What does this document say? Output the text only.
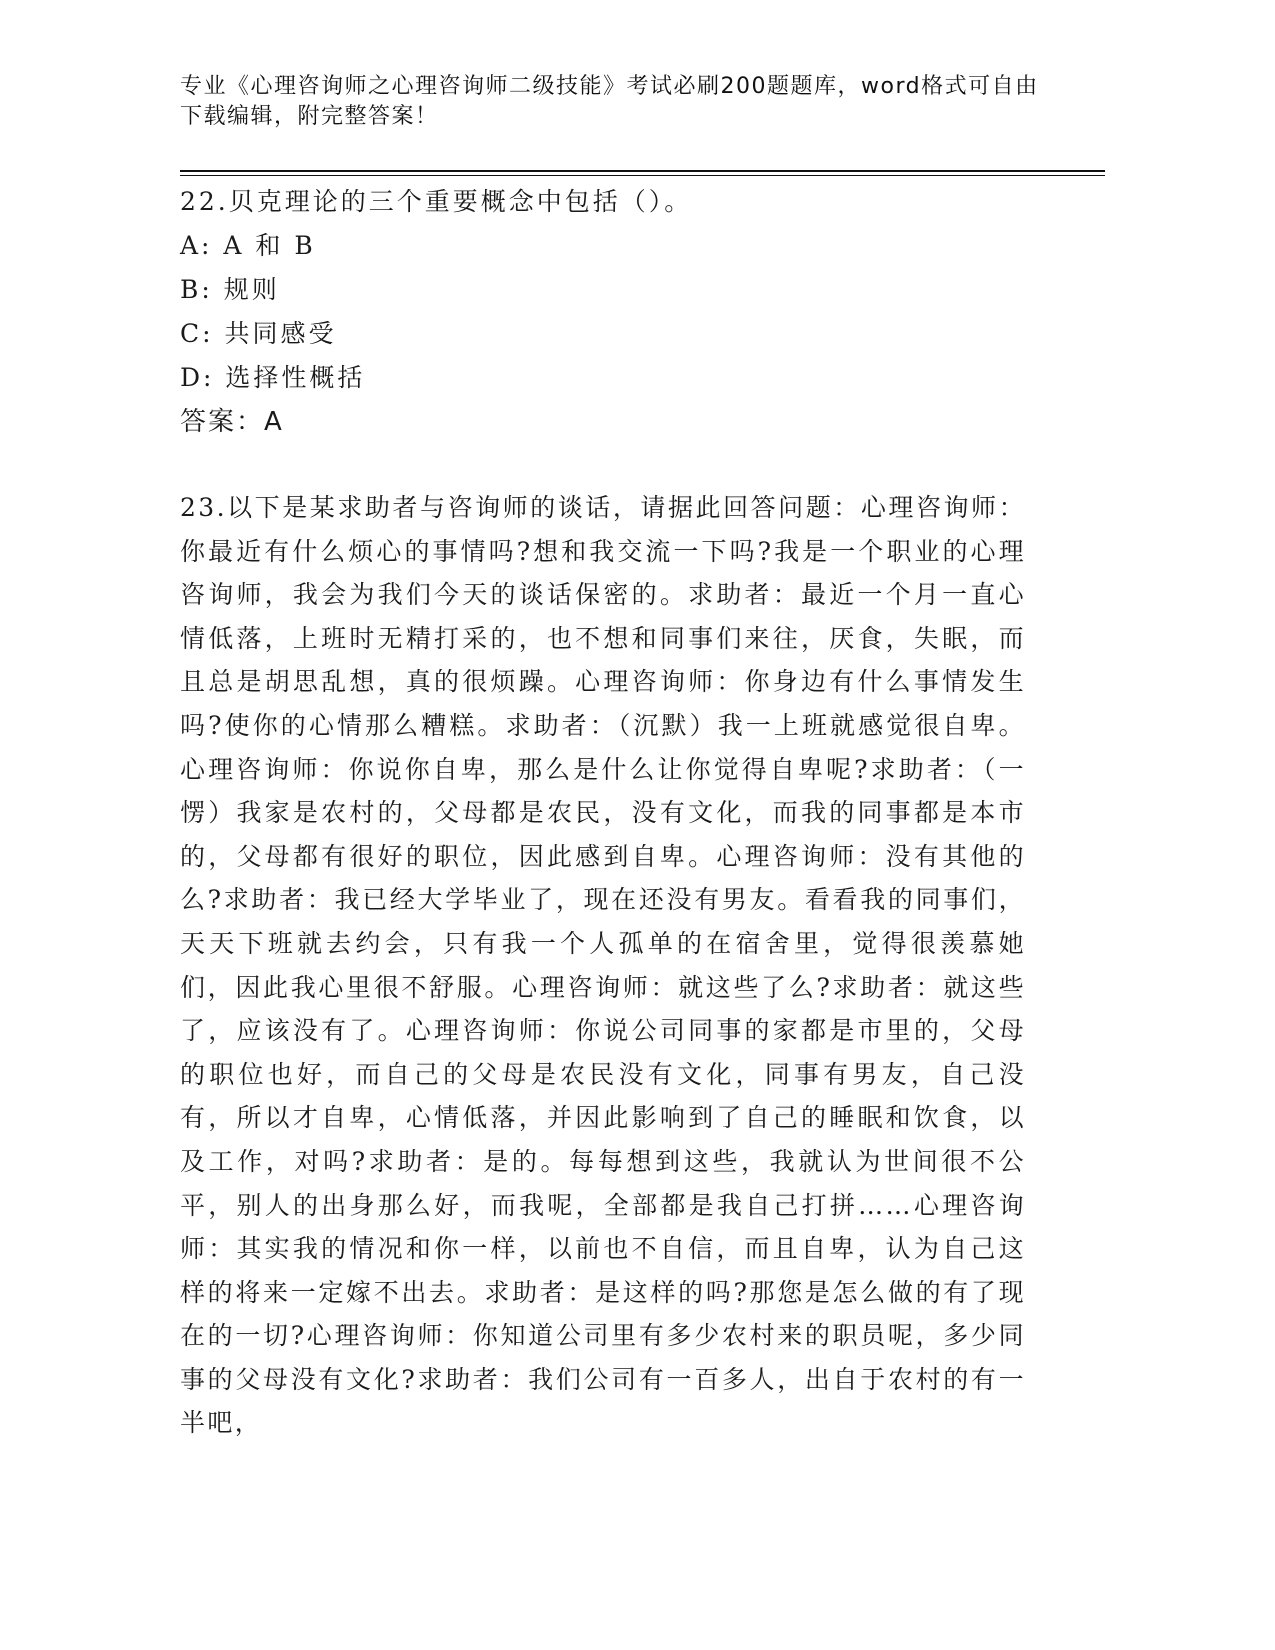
专业《心理咨询师之心理咨询师二级技能》考试必刷200题题库，word格式可自由下载编辑，附完整答案！
22.贝克理论的三个重要概念中包括（）。
A: A 和 B
B: 规则
C: 共同感受
D: 选择性概括
答案：A
23.以下是某求助者与咨询师的谈话，请据此回答问题：心理咨询师：你最近有什么烦心的事情吗?想和我交流一下吗?我是一个职业的心理咨询师，我会为我们今天的谈话保密的。求助者：最近一个月一直心情低落，上班时无精打采的，也不想和同事们来往，厌食，失眠，而且总是胡思乱想，真的很烦躁。心理咨询师：你身边有什么事情发生吗?使你的心情那么糟糕。求助者：（沉默）我一上班就感觉很自卑。心理咨询师：你说你自卑，那么是什么让你觉得自卑呢?求助者：（一愣）我家是农村的，父母都是农民，没有文化，而我的同事都是本市的，父母都有很好的职位，因此感到自卑。心理咨询师：没有其他的么?求助者：我已经大学毕业了，现在还没有男友。看看我的同事们，天天下班就去约会，只有我一个人孤单的在宿舍里，觉得很羡慕她们，因此我心里很不舒服。心理咨询师：就这些了么?求助者：就这些了，应该没有了。心理咨询师：你说公司同事的家都是市里的，父母的职位也好，而自己的父母是农民没有文化，同事有男友，自己没有，所以才自卑，心情低落，并因此影响到了自己的睡眠和饮食，以及工作，对吗?求助者：是的。每每想到这些，我就认为世间很不公平，别人的出身那么好，而我呢，全部都是我自己打拼……心理咨询师：其实我的情况和你一样，以前也不自信，而且自卑，认为自己这样的将来一定嫁不出去。求助者：是这样的吗?那您是怎么做的有了现在的一切?心理咨询师：你知道公司里有多少农村来的职员呢，多少同事的父母没有文化?求助者：我们公司有一百多人，出自于农村的有一半吧，
